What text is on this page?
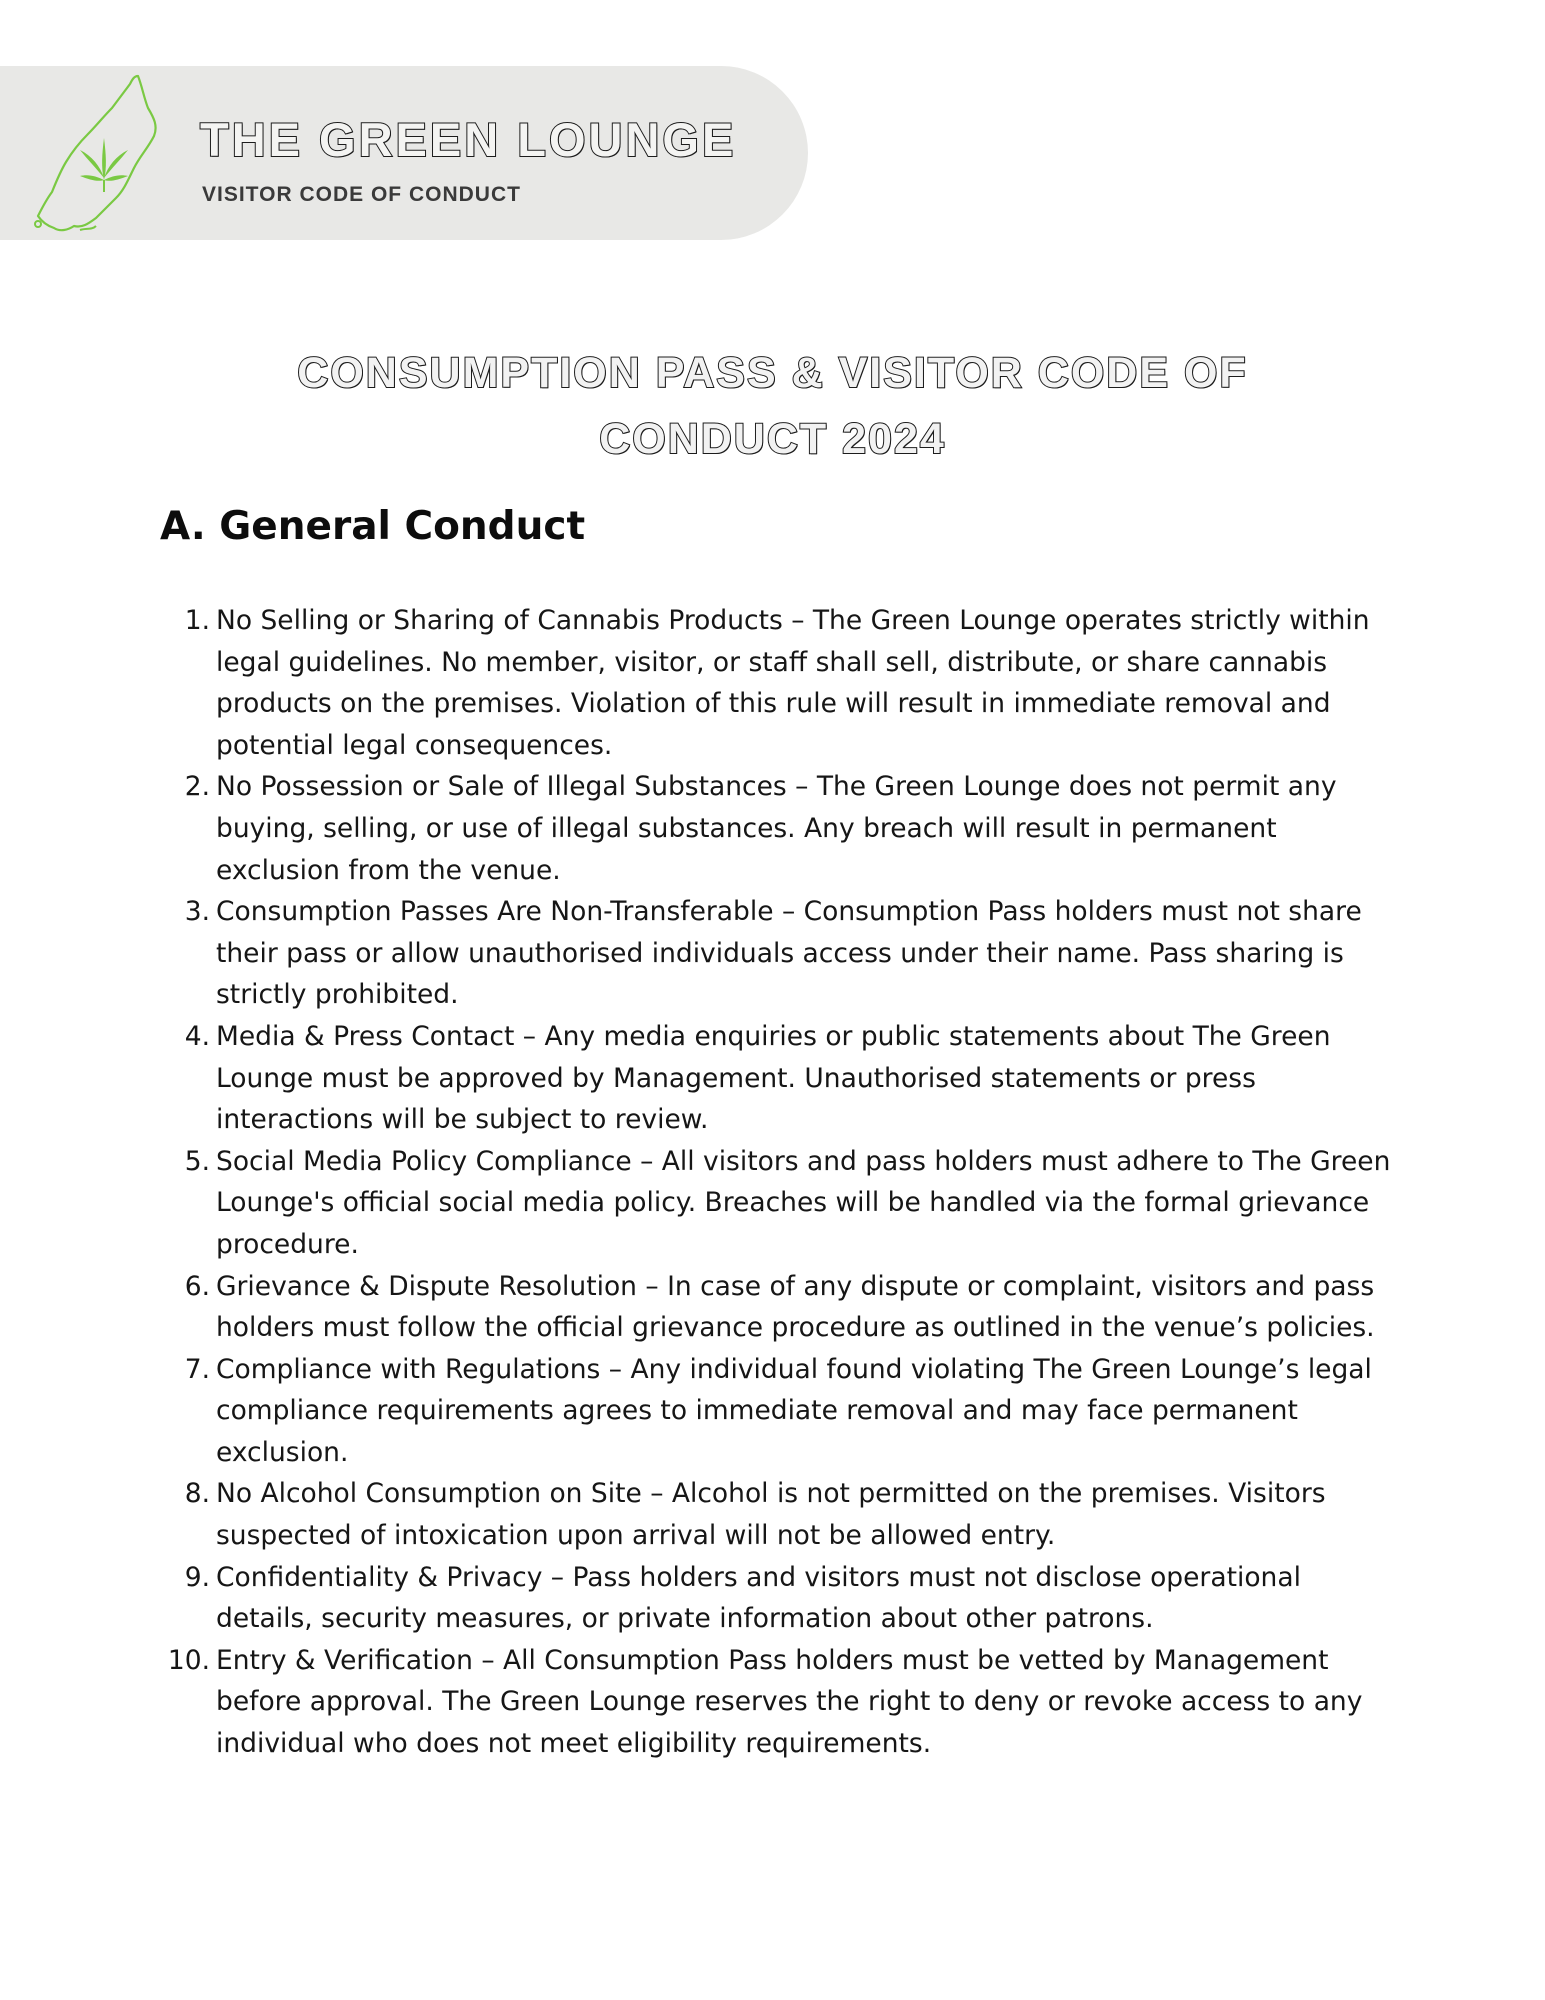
THE GREEN LOUNGE

VISITOR CODE OF CONDUCT

CONSUMPTION PASS & VISITOR CODE OF
CONDUCT 2024
A. General Conduct
1. No Selling or Sharing of Cannabis Products – The Green Lounge operates strictly within legal guidelines. No member, visitor, or staff shall sell, distribute, or share cannabis products on the premises. Violation of this rule will result in immediate removal and potential legal consequences.
2. No Possession or Sale of Illegal Substances – The Green Lounge does not permit any buying, selling, or use of illegal substances. Any breach will result in permanent exclusion from the venue.
3. Consumption Passes Are Non-Transferable – Consumption Pass holders must not share their pass or allow unauthorised individuals access under their name. Pass sharing is strictly prohibited.
4. Media & Press Contact – Any media enquiries or public statements about The Green Lounge must be approved by Management. Unauthorised statements or press interactions will be subject to review.
5. Social Media Policy Compliance – All visitors and pass holders must adhere to The Green Lounge's official social media policy. Breaches will be handled via the formal grievance procedure.
6. Grievance & Dispute Resolution – In case of any dispute or complaint, visitors and pass holders must follow the official grievance procedure as outlined in the venue’s policies.
7. Compliance with Regulations – Any individual found violating The Green Lounge’s legal compliance requirements agrees to immediate removal and may face permanent exclusion.
8. No Alcohol Consumption on Site – Alcohol is not permitted on the premises. Visitors suspected of intoxication upon arrival will not be allowed entry.
9. Confidentiality & Privacy – Pass holders and visitors must not disclose operational details, security measures, or private information about other patrons.
10. Entry & Verification – All Consumption Pass holders must be vetted by Management before approval. The Green Lounge reserves the right to deny or revoke access to any individual who does not meet eligibility requirements.
